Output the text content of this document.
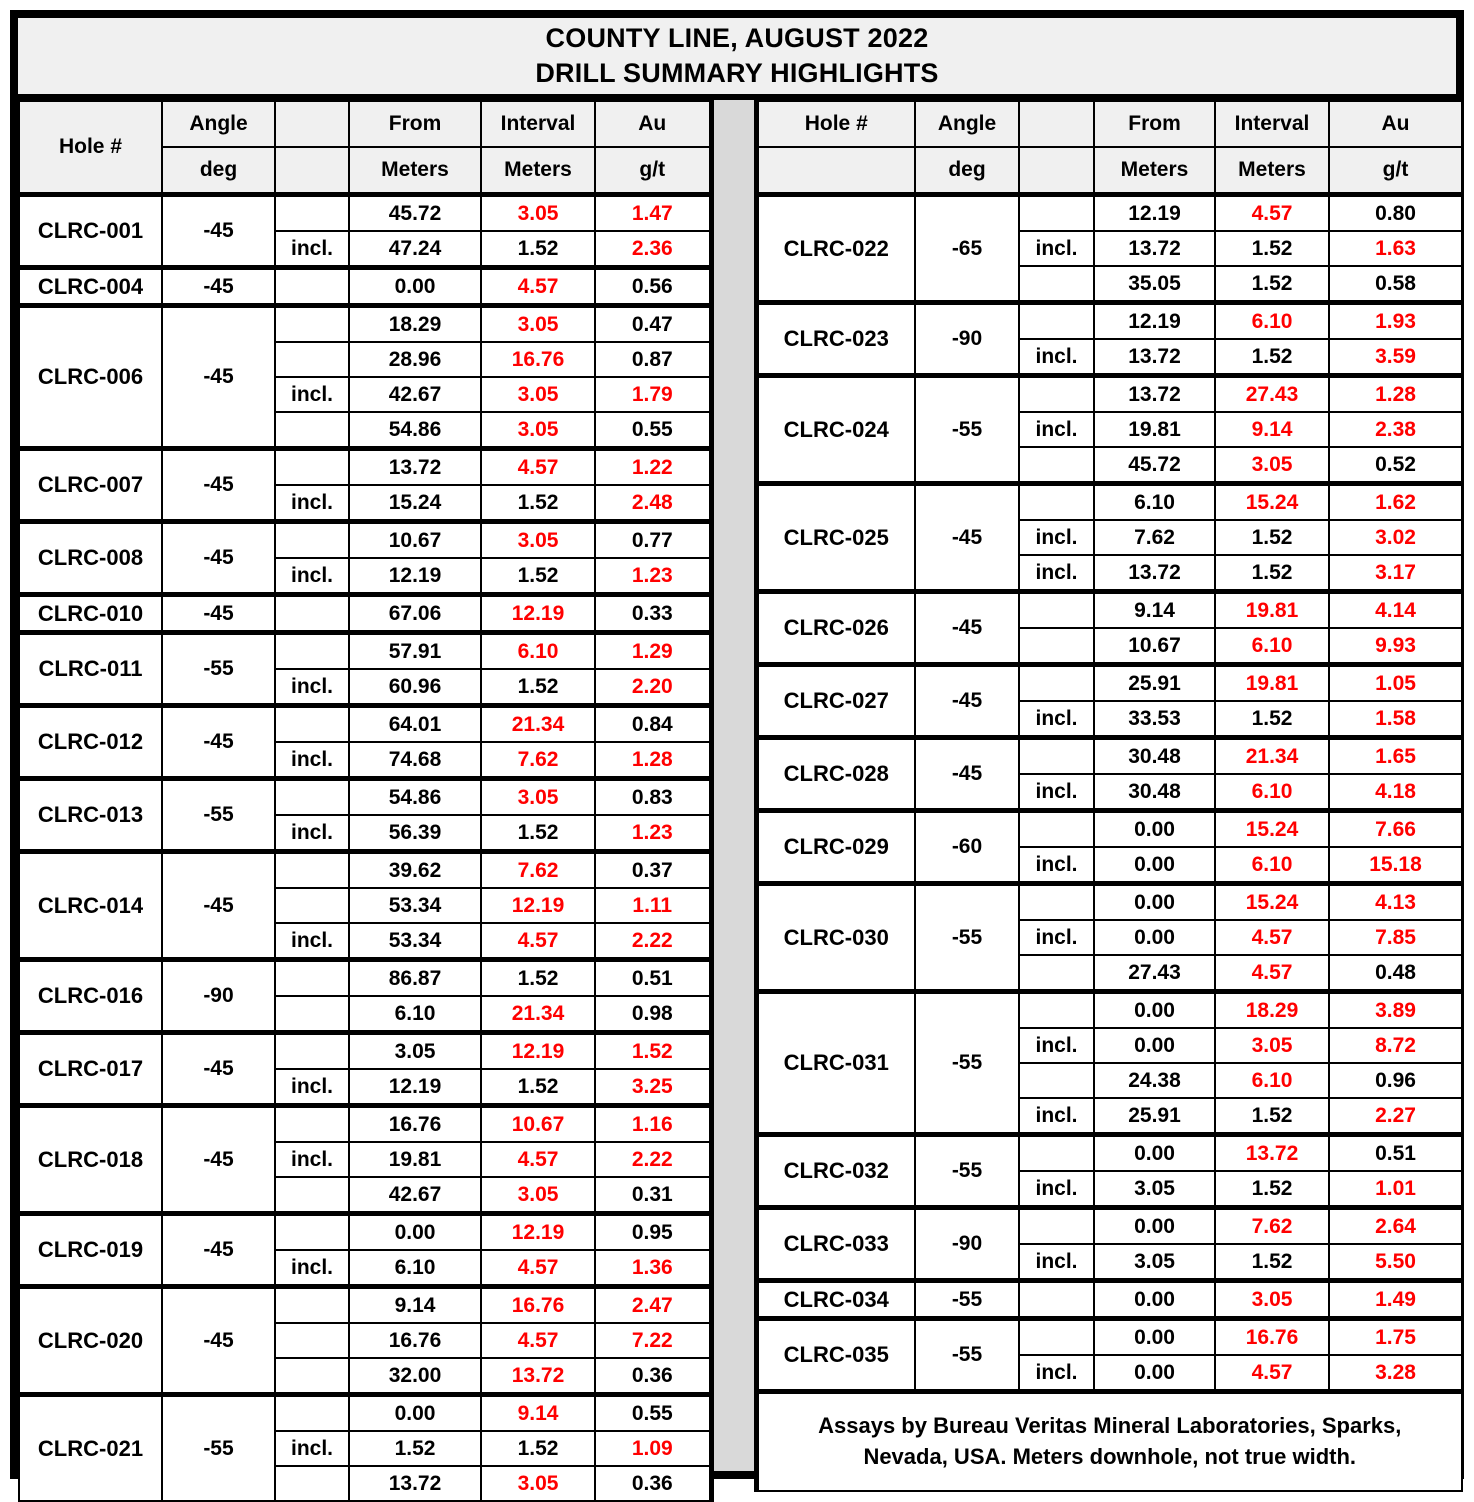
COUNTY LINE, AUGUST 2022
DRILL SUMMARY HIGHLIGHTS
Hole #	Angle		From	Interval	Au
	deg		Meters	Meters	g/t
CLRC-001	-45		45.72	3.05	1.47
		incl.	47.24	1.52	2.36
CLRC-004	-45		0.00	4.57	0.56
CLRC-006	-45		18.29	3.05	0.47
			28.96	16.76	0.87
		incl.	42.67	3.05	1.79
			54.86	3.05	0.55
CLRC-007	-45		13.72	4.57	1.22
		incl.	15.24	1.52	2.48
CLRC-008	-45		10.67	3.05	0.77
		incl.	12.19	1.52	1.23
CLRC-010	-45		67.06	12.19	0.33
CLRC-011	-55		57.91	6.10	1.29
		incl.	60.96	1.52	2.20
CLRC-012	-45		64.01	21.34	0.84
		incl.	74.68	7.62	1.28
CLRC-013	-55		54.86	3.05	0.83
		incl.	56.39	1.52	1.23
CLRC-014	-45		39.62	7.62	0.37
			53.34	12.19	1.11
		incl.	53.34	4.57	2.22
CLRC-016	-90		86.87	1.52	0.51
			6.10	21.34	0.98
CLRC-017	-45		3.05	12.19	1.52
		incl.	12.19	1.52	3.25
CLRC-018	-45		16.76	10.67	1.16
		incl.	19.81	4.57	2.22
			42.67	3.05	0.31
CLRC-019	-45		0.00	12.19	0.95
		incl.	6.10	4.57	1.36
CLRC-020	-45		9.14	16.76	2.47
			16.76	4.57	7.22
			32.00	13.72	0.36
CLRC-021	-55		0.00	9.14	0.55
		incl.	1.52	1.52	1.09
			13.72	3.05	0.36
Hole #	Angle		From	Interval	Au
	deg		Meters	Meters	g/t
CLRC-022	-65		12.19	4.57	0.80
		incl.	13.72	1.52	1.63
			35.05	1.52	0.58
CLRC-023	-90		12.19	6.10	1.93
		incl.	13.72	1.52	3.59
CLRC-024	-55		13.72	27.43	1.28
		incl.	19.81	9.14	2.38
			45.72	3.05	0.52
CLRC-025	-45		6.10	15.24	1.62
		incl.	7.62	1.52	3.02
		incl.	13.72	1.52	3.17
CLRC-026	-45		9.14	19.81	4.14
			10.67	6.10	9.93
CLRC-027	-45		25.91	19.81	1.05
		incl.	33.53	1.52	1.58
CLRC-028	-45		30.48	21.34	1.65
		incl.	30.48	6.10	4.18
CLRC-029	-60		0.00	15.24	7.66
		incl.	0.00	6.10	15.18
CLRC-030	-55		0.00	15.24	4.13
		incl.	0.00	4.57	7.85
			27.43	4.57	0.48
CLRC-031	-55		0.00	18.29	3.89
		incl.	0.00	3.05	8.72
			24.38	6.10	0.96
		incl.	25.91	1.52	2.27
CLRC-032	-55		0.00	13.72	0.51
		incl.	3.05	1.52	1.01
CLRC-033	-90		0.00	7.62	2.64
		incl.	3.05	1.52	5.50
CLRC-034	-55		0.00	3.05	1.49
CLRC-035	-55		0.00	16.76	1.75
		incl.	0.00	4.57	3.28
Assays by Bureau Veritas Mineral Laboratories, Sparks, Nevada, USA. Meters downhole, not true width.					
